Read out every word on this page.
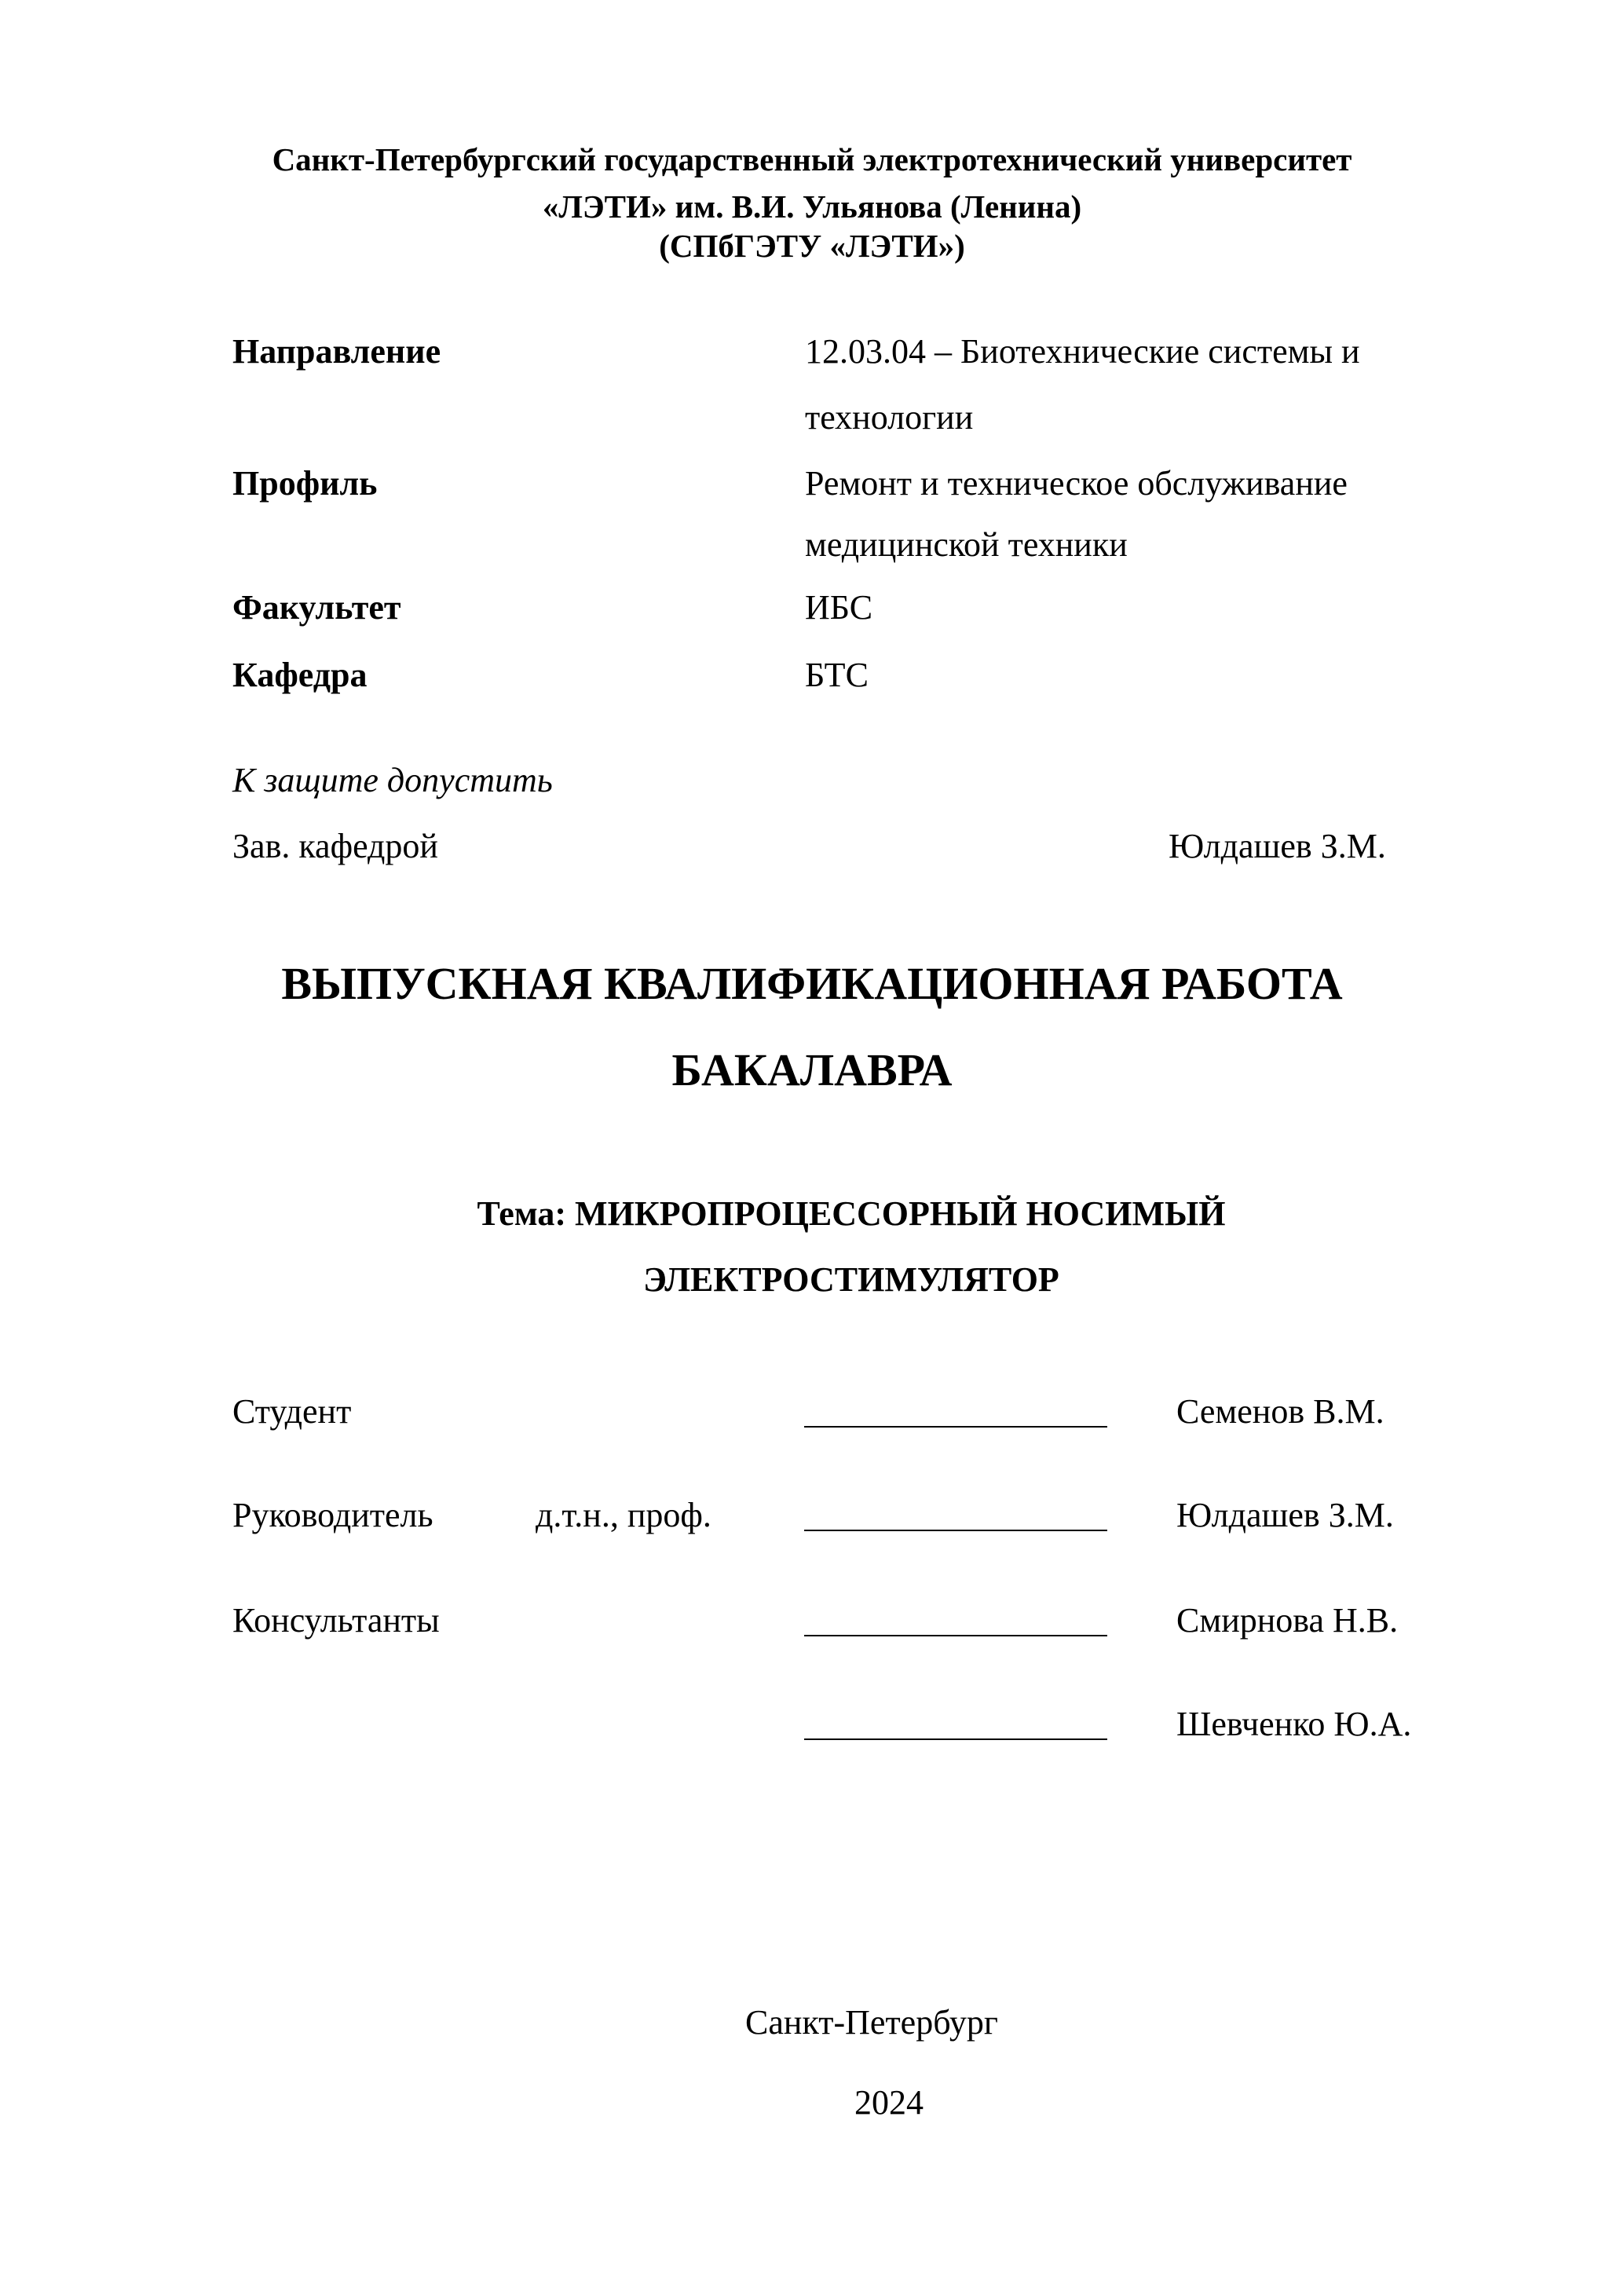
Санкт-Петербургский государственный электротехнический университет
«ЛЭТИ» им. В.И. Ульянова (Ленина)
(СПбГЭТУ «ЛЭТИ»)
Направление	12.03.04 – Биотехнические системы и
технологии
Профиль	Ремонт и техническое обслуживание
медицинской техники
Факультет	ИБС
Кафедра	БТС
К защите допустить
Зав. кафедрой	Юлдашев З.М.
ВЫПУСКНАЯ КВАЛИФИКАЦИОННАЯ РАБОТА
БАКАЛАВРА
Тема: МИКРОПРОЦЕССОРНЫЙ НОСИМЫЙ
ЭЛЕКТРОСТИМУЛЯТОР
Студент	Семенов В.М.
Руководитель	д.т.н., проф.	Юлдашев З.М.
Консультанты	Смирнова Н.В.
Шевченко Ю.А.
Санкт-Петербург
2024
